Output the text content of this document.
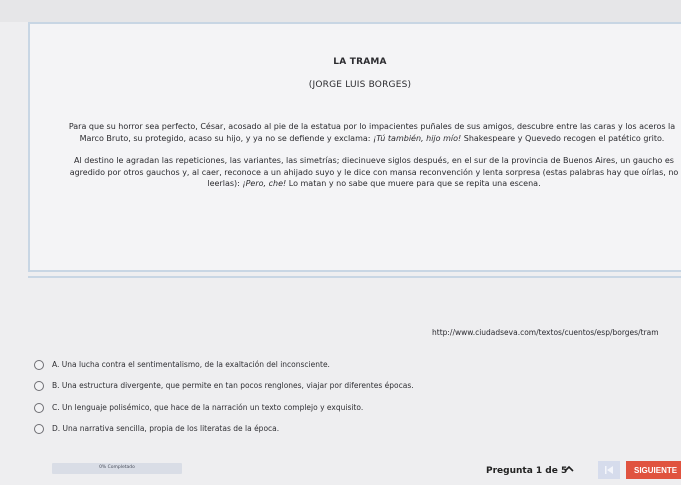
LA TRAMA
(JORGE LUIS BORGES)
Para que su horror sea perfecto, César, acosado al pie de la estatua por lo impacientes puñales de sus amigos, descubre entre las caras y los aceros la
Marco Bruto, su protegido, acaso su hijo, y ya no se defiende y exclama: ¡Tú también, hijo mío! Shakespeare y Quevedo recogen el patético grito.
Al destino le agradan las repeticiones, las variantes, las simetrías; diecinueve siglos después, en el sur de la provincia de Buenos Aires, un gaucho es
agredido por otros gauchos y, al caer, reconoce a un ahijado suyo y le dice con mansa reconvención y lenta sorpresa (estas palabras hay que oírlas, no
leerlas): ¡Pero, che! Lo matan y no sabe que muere para que se repita una escena.
http://www.ciudadseva.com/textos/cuentos/esp/borges/tram
A. Una lucha contra el sentimentalismo, de la exaltación del inconsciente.
B. Una estructura divergente, que permite en tan pocos renglones, viajar por diferentes épocas.
C. Un lenguaje polisémico, que hace de la narración un texto complejo y exquisito.
D. Una narrativa sencilla, propia de los literatas de la época.
0% Completado	Pregunta 1 de 5	SIGUIENTE
